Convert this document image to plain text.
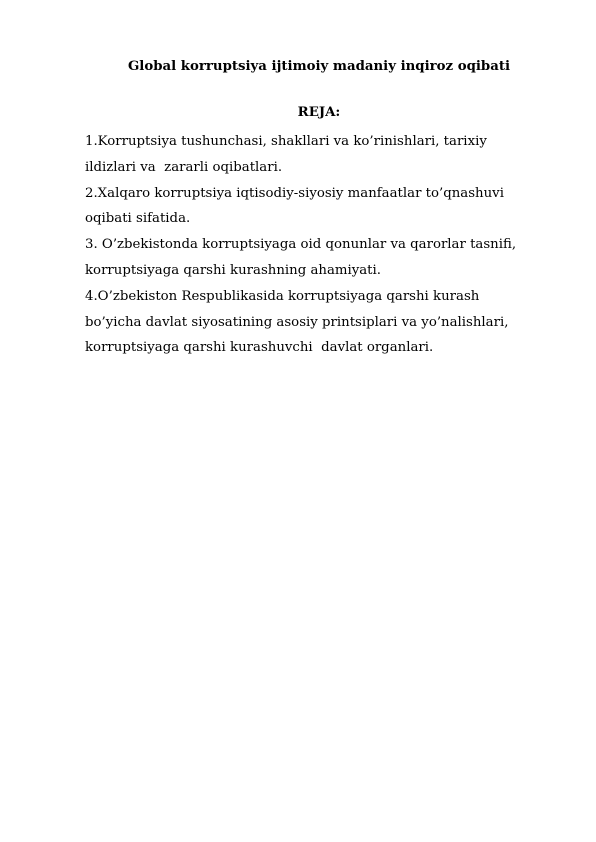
Global korruptsiya ijtimoiy madaniy inqiroz oqibati
REJA:
1.Korruptsiya tushunchasi, shakllari va ko’rinishlari, tarixiy
ildizlari va  zararli oqibatlari.
2.Xalqaro korruptsiya iqtisodiy-siyosiy manfaatlar to’qnashuvi
oqibati sifatida.
3. O’zbekistonda korruptsiyaga oid qonunlar va qarorlar tasnifi,
korruptsiyaga qarshi kurashning ahamiyati.
4.O’zbekiston Respublikasida korruptsiyaga qarshi kurash
bo’yicha davlat siyosatining asosiy printsiplari va yo’nalishlari,
korruptsiyaga qarshi kurashuvchi  davlat organlari.
